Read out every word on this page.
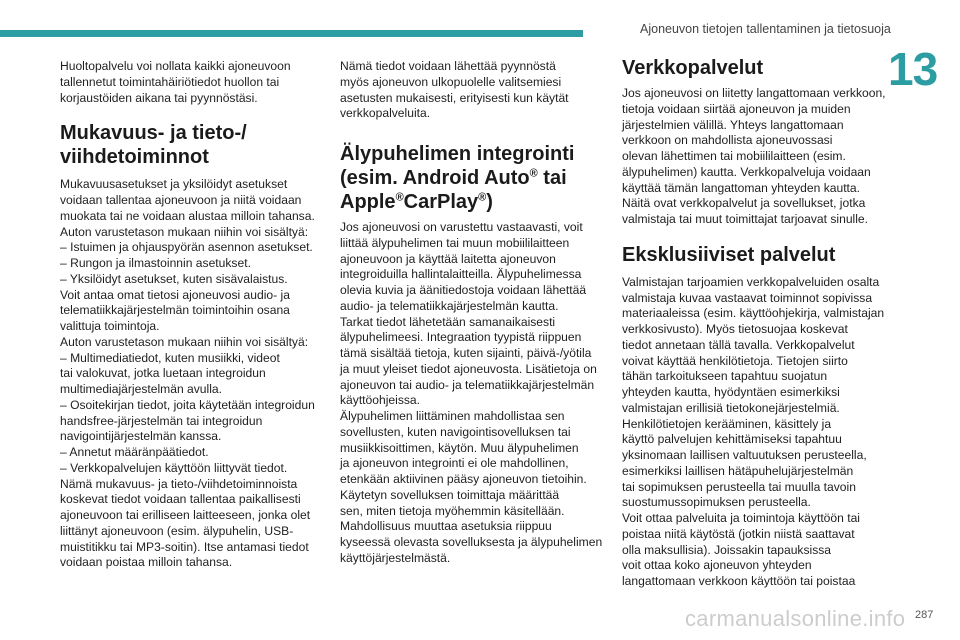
Ajoneuvon tietojen tallentaminen ja tietosuoja
13

Huoltopalvelu voi nollata kaikki ajoneuvoon
tallennetut toimintahäiriötiedot huollon tai
korjaustöiden aikana tai pyynnöstäsi.

Mukavuus- ja tieto-/
viihdetoiminnot

Mukavuusasetukset ja yksilöidyt asetukset
voidaan tallentaa ajoneuvoon ja niitä voidaan
muokata tai ne voidaan alustaa milloin tahansa.
Auton varustetason mukaan niihin voi sisältyä:
– Istuimen ja ohjauspyörän asennon asetukset.
– Rungon ja ilmastoinnin asetukset.
– Yksilöidyt asetukset, kuten sisävalaistus.
Voit antaa omat tietosi ajoneuvosi audio- ja
telematiikkajärjestelmän toimintoihin osana
valittuja toimintoja.
Auton varustetason mukaan niihin voi sisältyä:
– Multimediatiedot, kuten musiikki, videot
tai valokuvat, jotka luetaan integroidun
multimediajärjestelmän avulla.
– Osoitekirjan tiedot, joita käytetään integroidun
handsfree-järjestelmän tai integroidun
navigointijärjestelmän kanssa.
– Annetut määränpäätiedot.
– Verkkopalvelujen käyttöön liittyvät tiedot.
Nämä mukavuus- ja tieto-/viihdetoiminnoista
koskevat tiedot voidaan tallentaa paikallisesti
ajoneuvoon tai erilliseen laitteeseen, jonka olet
liittänyt ajoneuvoon (esim. älypuhelin, USB-
muistitikku tai MP3-soitin). Itse antamasi tiedot
voidaan poistaa milloin tahansa.

Nämä tiedot voidaan lähettää pyynnöstä
myös ajoneuvon ulkopuolelle valitsemiesi
asetusten mukaisesti, erityisesti kun käytät
verkkopalveluita.

Älypuhelimen integrointi
(esim. Android Auto® tai
Apple®CarPlay®)

Jos ajoneuvosi on varustettu vastaavasti, voit
liittää älypuhelimen tai muun mobiililaitteen
ajoneuvoon ja käyttää laitetta ajoneuvon
integroiduilla hallintalaitteilla. Älypuhelimessa
olevia kuvia ja äänitiedostoja voidaan lähettää
audio- ja telematiikkajärjestelmän kautta.
Tarkat tiedot lähetetään samanaikaisesti
älypuhelimeesi. Integraation tyypistä riippuen
tämä sisältää tietoja, kuten sijainti, päivä-/yötila
ja muut yleiset tiedot ajoneuvosta. Lisätietoja on
ajoneuvon tai audio- ja telematiikkajärjestelmän
käyttöohjeissa.
Älypuhelimen liittäminen mahdollistaa sen
sovellusten, kuten navigointisovelluksen tai
musiikkisoittimen, käytön. Muu älypuhelimen
ja ajoneuvon integrointi ei ole mahdollinen,
etenkään aktiivinen pääsy ajoneuvon tietoihin.
Käytetyn sovelluksen toimittaja määrittää
sen, miten tietoja myöhemmin käsitellään.
Mahdollisuus muuttaa asetuksia riippuu
kyseessä olevasta sovelluksesta ja älypuhelimen
käyttöjärjestelmästä.

Verkkopalvelut

Jos ajoneuvosi on liitetty langattomaan verkkoon,
tietoja voidaan siirtää ajoneuvon ja muiden
järjestelmien välillä. Yhteys langattomaan
verkkoon on mahdollista ajoneuvossasi
olevan lähettimen tai mobiililaitteen (esim.
älypuhelimen) kautta. Verkkopalveluja voidaan
käyttää tämän langattoman yhteyden kautta.
Näitä ovat verkkopalvelut ja sovellukset, jotka
valmistaja tai muut toimittajat tarjoavat sinulle.

Eksklusiiviset palvelut

Valmistajan tarjoamien verkkopalveluiden osalta
valmistaja kuvaa vastaavat toiminnot sopivissa
materiaaleissa (esim. käyttöohjekirja, valmistajan
verkkosivusto). Myös tietosuojaa koskevat
tiedot annetaan tällä tavalla. Verkkopalvelut
voivat käyttää henkilötietoja. Tietojen siirto
tähän tarkoitukseen tapahtuu suojatun
yhteyden kautta, hyödyntäen esimerkiksi
valmistajan erillisiä tietokonejärjestelmiä.
Henkilötietojen kerääminen, käsittely ja
käyttö palvelujen kehittämiseksi tapahtuu
yksinomaan laillisen valtuutuksen perusteella,
esimerkiksi laillisen hätäpuhelujärjestelmän
tai sopimuksen perusteella tai muulla tavoin
suostumussopimuksen perusteella.
Voit ottaa palveluita ja toimintoja käyttöön tai
poistaa niitä käytöstä (jotkin niistä saattavat
olla maksullisia). Joissakin tapauksissa
voit ottaa koko ajoneuvon yhteyden
langattomaan verkkoon käyttöön tai poistaa

carmanualsonline.info 287
